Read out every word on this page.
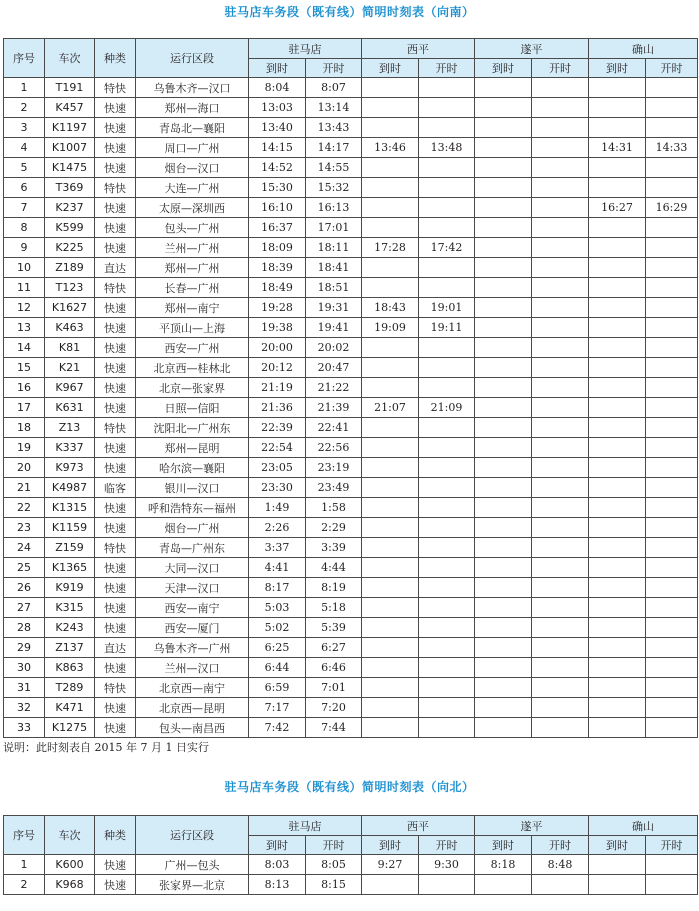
驻马店车务段（既有线）简明时刻表（向南）
序号	车次	种类	运行区段	驻马店		西平		遂平		确山	
				到时	开时	到时	开时	到时	开时	到时	开时
1	T191	特快	乌鲁木齐—汉口	8:04	8:07						
2	K457	快速	郑州—海口	13:03	13:14						
3	K1197	快速	青岛北—襄阳	13:40	13:43						
4	K1007	快速	周口—广州	14:15	14:17	13:46	13:48			14:31	14:33
5	K1475	快速	烟台—汉口	14:52	14:55						
6	T369	特快	大连—广州	15:30	15:32						
7	K237	快速	太原—深圳西	16:10	16:13					16:27	16:29
8	K599	快速	包头—广州	16:37	17:01						
9	K225	快速	兰州—广州	18:09	18:11	17:28	17:42				
10	Z189	直达	郑州—广州	18:39	18:41						
11	T123	特快	长春—广州	18:49	18:51						
12	K1627	快速	郑州—南宁	19:28	19:31	18:43	19:01				
13	K463	快速	平顶山—上海	19:38	19:41	19:09	19:11				
14	K81	快速	西安—广州	20:00	20:02						
15	K21	快速	北京西—桂林北	20:12	20:47						
16	K967	快速	北京—张家界	21:19	21:22						
17	K631	快速	日照—信阳	21:36	21:39	21:07	21:09				
18	Z13	特快	沈阳北—广州东	22:39	22:41						
19	K337	快速	郑州—昆明	22:54	22:56						
20	K973	快速	哈尔滨—襄阳	23:05	23:19						
21	K4987	临客	银川—汉口	23:30	23:49						
22	K1315	快速	呼和浩特东—福州	1:49	1:58						
23	K1159	快速	烟台—广州	2:26	2:29						
24	Z159	特快	青岛—广州东	3:37	3:39						
25	K1365	快速	大同—汉口	4:41	4:44						
26	K919	快速	天津—汉口	8:17	8:19						
27	K315	快速	西安—南宁	5:03	5:18						
28	K243	快速	西安—厦门	5:02	5:39						
29	Z137	直达	乌鲁木齐—广州	6:25	6:27						
30	K863	快速	兰州—汉口	6:44	6:46						
31	T289	特快	北京西—南宁	6:59	7:01						
32	K471	快速	北京西—昆明	7:17	7:20						
33	K1275	快速	包头—南昌西	7:42	7:44						
说明：此时刻表自 2015 年 7 月 1 日实行
驻马店车务段（既有线）简明时刻表（向北）
序号	车次	种类	运行区段	驻马店		西平		遂平		确山	
				到时	开时	到时	开时	到时	开时	到时	开时
1	K600	快速	广州—包头	8:03	8:05	9:27	9:30	8:18	8:48		
2	K968	快速	张家界—北京	8:13	8:15						
